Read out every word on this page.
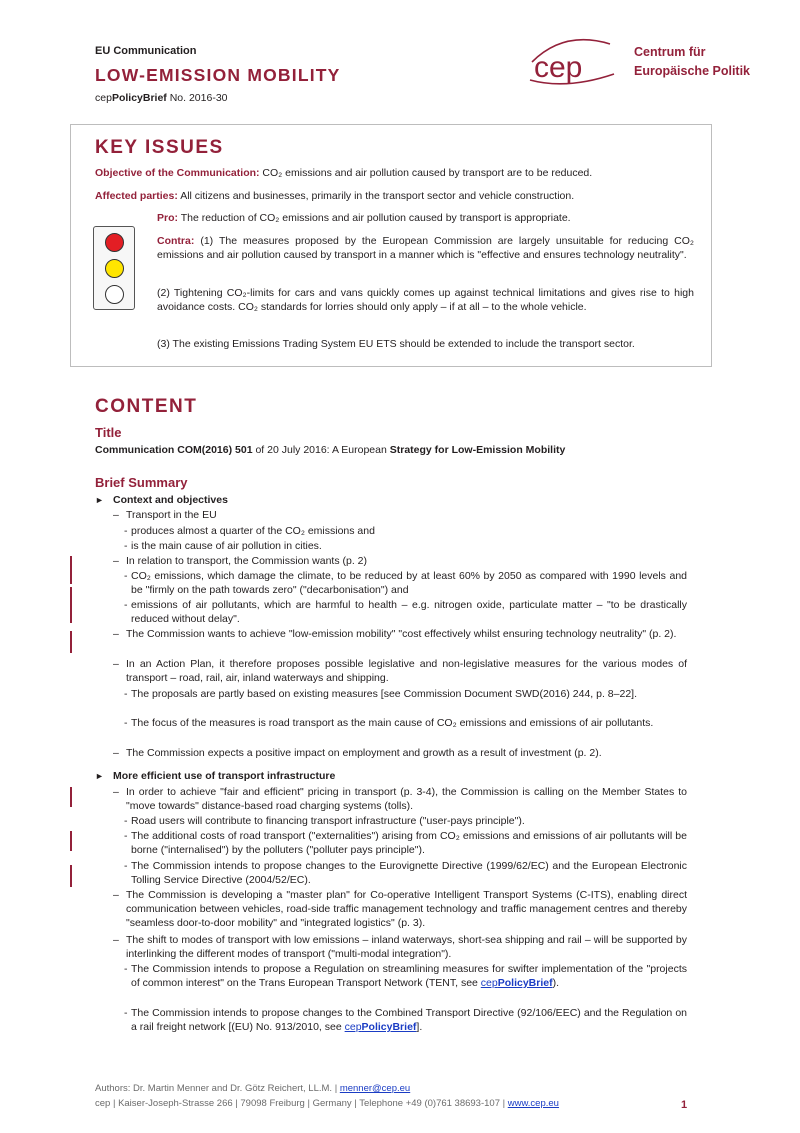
EU Communication
LOW-EMISSION MOBILITY
cepPolicyBrief No. 2016-30
cep	Centrum für
Europäische Politik
KEY ISSUES
Objective of the Communication: CO₂ emissions and air pollution caused by transport are to be reduced.
Affected parties: All citizens and businesses, primarily in the transport sector and vehicle construction.
Pro: The reduction of CO₂ emissions and air pollution caused by transport is appropriate.
Contra: (1) The measures proposed by the European Commission are largely unsuitable for reducing CO₂ emissions and air pollution caused by transport in a manner which is "effective and ensures technology neutrality".
(2) Tightening CO₂-limits for cars and vans quickly comes up against technical limitations and gives rise to high avoidance costs. CO₂ standards for lorries should only apply – if at all – to the whole vehicle.
(3) The existing Emissions Trading System EU ETS should be extended to include the transport sector.
CONTENT
Title
Communication COM(2016) 501 of 20 July 2016: A European Strategy for Low-Emission Mobility
Brief Summary
► Context and objectives
– Transport in the EU
- produces almost a quarter of the CO₂ emissions and
- is the main cause of air pollution in cities.
– In relation to transport, the Commission wants (p. 2)
- CO₂ emissions, which damage the climate, to be reduced by at least 60% by 2050 as compared with 1990 levels and be "firmly on the path towards zero" ("decarbonisation") and
- emissions of air pollutants, which are harmful to health – e.g. nitrogen oxide, particulate matter – "to be drastically reduced without delay".
– The Commission wants to achieve "low-emission mobility" "cost effectively whilst ensuring technology neutrality" (p. 2).
– In an Action Plan, it therefore proposes possible legislative and non-legislative measures for the various modes of transport – road, rail, air, inland waterways and shipping.
- The proposals are partly based on existing measures [see Commission Document SWD(2016) 244, p. 8–22].
- The focus of the measures is road transport as the main cause of CO₂ emissions and emissions of air pollutants.
– The Commission expects a positive impact on employment and growth as a result of investment (p. 2).
► More efficient use of transport infrastructure
– In order to achieve "fair and efficient" pricing in transport (p. 3-4), the Commission is calling on the Member States to "move towards" distance-based road charging systems (tolls).
- Road users will contribute to financing transport infrastructure ("user-pays principle").
- The additional costs of road transport ("externalities") arising from CO₂ emissions and emissions of air pollutants will be borne ("internalised") by the polluters ("polluter pays principle").
- The Commission intends to propose changes to the Eurovignette Directive (1999/62/EC) and the European Electronic Tolling Service Directive (2004/52/EC).
– The Commission is developing a "master plan" for Co-operative Intelligent Transport Systems (C-ITS), enabling direct communication between vehicles, road-side traffic management technology and traffic management centres and thereby "seamless door-to-door mobility" and "integrated logistics" (p. 3).
– The shift to modes of transport with low emissions – inland waterways, short-sea shipping and rail – will be supported by interlinking the different modes of transport ("multi-modal integration").
- The Commission intends to propose a Regulation on streamlining measures for swifter implementation of the "projects of common interest" on the Trans European Transport Network (TENT, see cepPolicyBrief).
- The Commission intends to propose changes to the Combined Transport Directive (92/106/EEC) and the Regulation on a rail freight network [(EU) No. 913/2010, see cepPolicyBrief].
Authors: Dr. Martin Menner and Dr. Götz Reichert, LL.M. | menner@cep.eu
cep | Kaiser-Joseph-Strasse 266 | 79098 Freiburg | Germany | Telephone +49 (0)761 38693-107 | www.cep.eu	1
